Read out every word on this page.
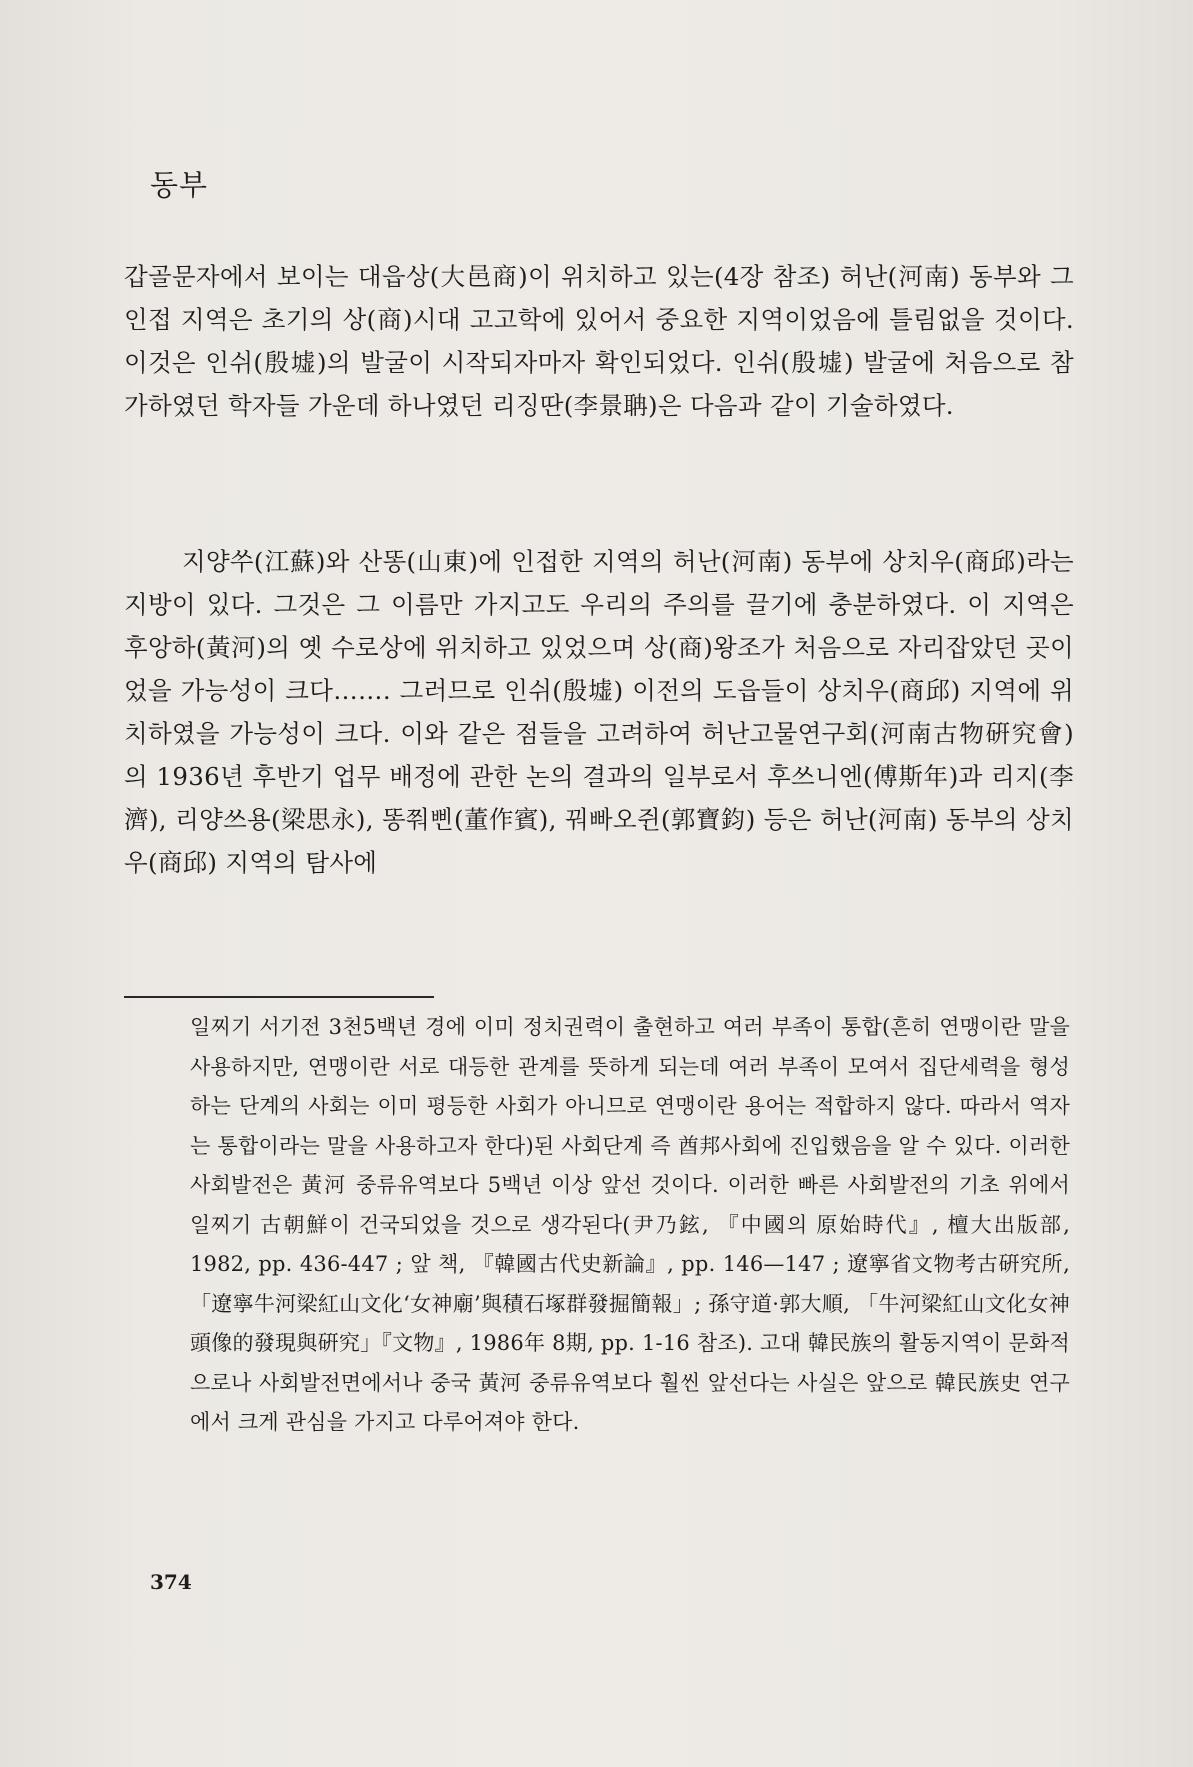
동부

갑골문자에서 보이는 대읍상(大邑商)이 위치하고 있는(4장 참조) 허난(河南) 동부와 그 인접 지역은 초기의 상(商)시대 고고학에 있어서 중요한 지역이었음에 틀림없을 것이다. 이것은 인쉬(殷墟)의 발굴이 시작되자마자 확인되었다. 인쉬(殷墟) 발굴에 처음으로 참가하였던 학자들 가운데 하나였던 리징딴(李景聃)은 다음과 같이 기술하였다.

지양쑤(江蘇)와 산똥(山東)에 인접한 지역의 허난(河南) 동부에 상치우(商邱)라는 지방이 있다. 그것은 그 이름만 가지고도 우리의 주의를 끌기에 충분하였다. 이 지역은 후앙하(黃河)의 옛 수로상에 위치하고 있었으며 상(商)왕조가 처음으로 자리잡았던 곳이었을 가능성이 크다……. 그러므로 인쉬(殷墟) 이전의 도읍들이 상치우(商邱) 지역에 위치하였을 가능성이 크다. 이와 같은 점들을 고려하여 허난고물연구회(河南古物硏究會)의 1936년 후반기 업무 배정에 관한 논의 결과의 일부로서 후쓰니엔(傅斯年)과 리지(李濟), 리양쓰용(梁思永), 똥쭤삔(董作賓), 꿔빠오쥔(郭寶鈞) 등은 허난(河南) 동부의 상치우(商邱) 지역의 탐사에

일찌기 서기전 3천5백년 경에 이미 정치권력이 출현하고 여러 부족이 통합(흔히 연맹이란 말을 사용하지만, 연맹이란 서로 대등한 관계를 뜻하게 되는데 여러 부족이 모여서 집단세력을 형성하는 단계의 사회는 이미 평등한 사회가 아니므로 연맹이란 용어는 적합하지 않다. 따라서 역자는 통합이라는 말을 사용하고자 한다)된 사회단계 즉 酋邦사회에 진입했음을 알 수 있다. 이러한 사회발전은 黃河 중류유역보다 5백년 이상 앞선 것이다. 이러한 빠른 사회발전의 기초 위에서 일찌기 古朝鮮이 건국되었을 것으로 생각된다(尹乃鉉, 『中國의 原始時代』, 檀大出版部, 1982, pp. 436-447 ; 앞 책, 『韓國古代史新論』, pp. 146—147 ; 遼寧省文物考古硏究所, 「遼寧牛河梁紅山文化‘女神廟’與積石塚群發掘簡報」; 孫守道·郭大順, 「牛河梁紅山文化女神頭像的發現與硏究」『文物』, 1986年 8期, pp. 1-16 참조). 고대 韓民族의 활동지역이 문화적으로나 사회발전면에서나 중국 黃河 중류유역보다 훨씬 앞선다는 사실은 앞으로 韓民族史 연구에서 크게 관심을 가지고 다루어져야 한다.

374
